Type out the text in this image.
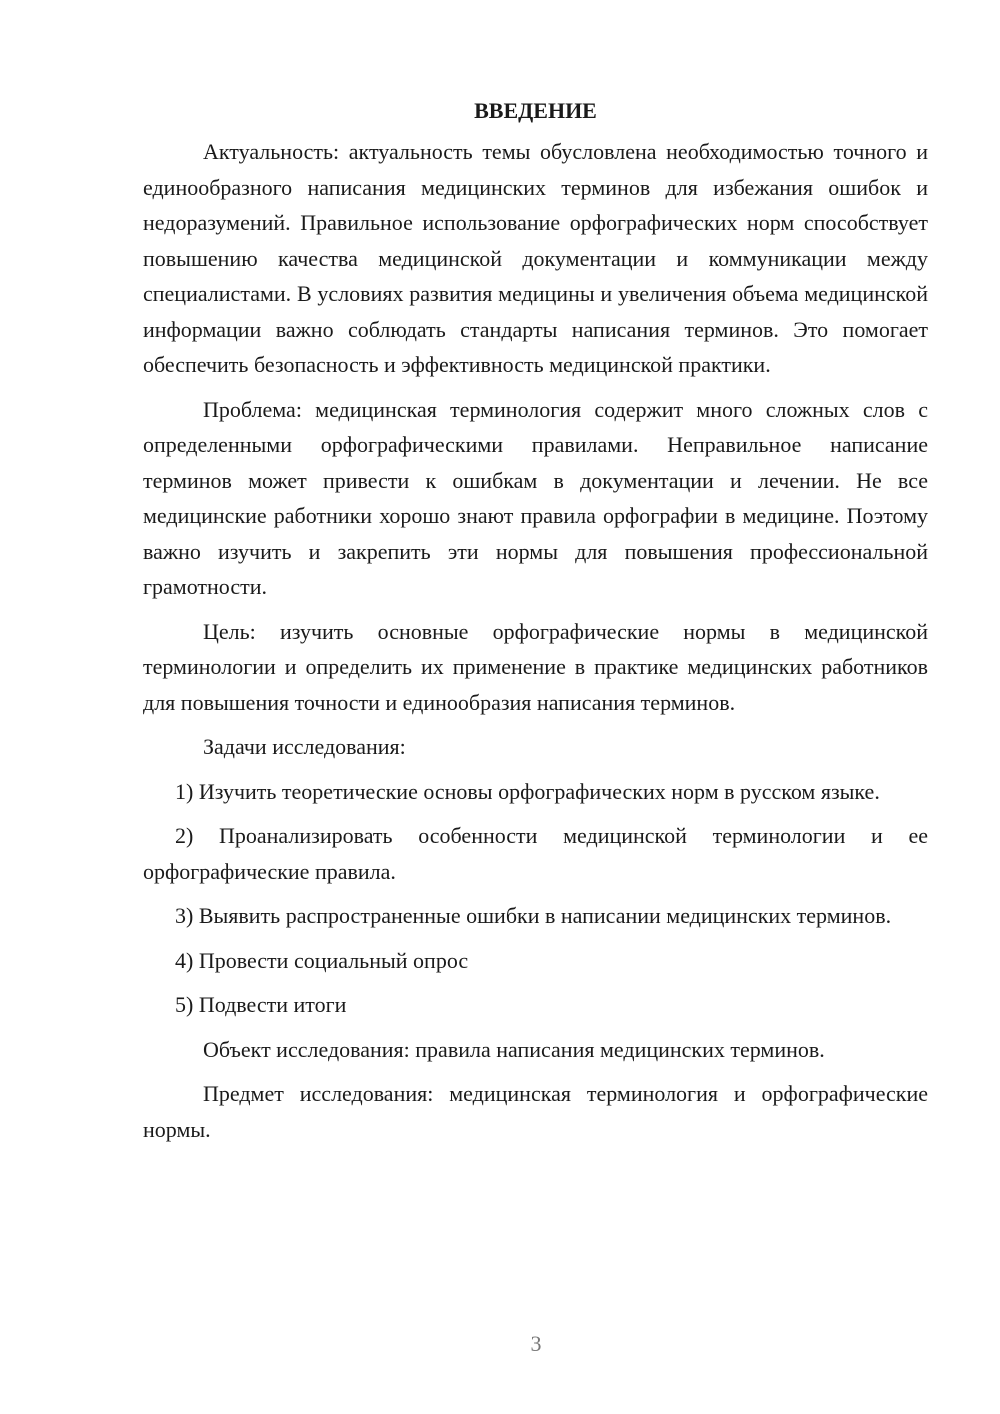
ВВЕДЕНИЕ

Актуальность: актуальность темы обусловлена необходимостью точного и единообразного написания медицинских терминов для избежания ошибок и недоразумений. Правильное использование орфографических норм способствует повышению качества медицинской документации и коммуникации между специалистами. В условиях развития медицины и увеличения объема медицинской информации важно соблюдать стандарты написания терминов. Это помогает обеспечить безопасность и эффективность медицинской практики.

Проблема: медицинская терминология содержит много сложных слов с определенными орфографическими правилами. Неправильное написание терминов может привести к ошибкам в документации и лечении. Не все медицинские работники хорошо знают правила орфографии в медицине. Поэтому важно изучить и закрепить эти нормы для повышения профессиональной грамотности.

Цель: изучить основные орфографические нормы в медицинской терминологии и определить их применение в практике медицинских работников для повышения точности и единообразия написания терминов.

Задачи исследования:

1) Изучить теоретические основы орфографических норм в русском языке.

2) Проанализировать особенности медицинской терминологии и ее орфографические правила.

3) Выявить распространенные ошибки в написании медицинских терминов.

4) Провести социальный опрос

5) Подвести итоги

Объект исследования: правила написания медицинских терминов.

Предмет исследования: медицинская терминология и орфографические нормы.

3
